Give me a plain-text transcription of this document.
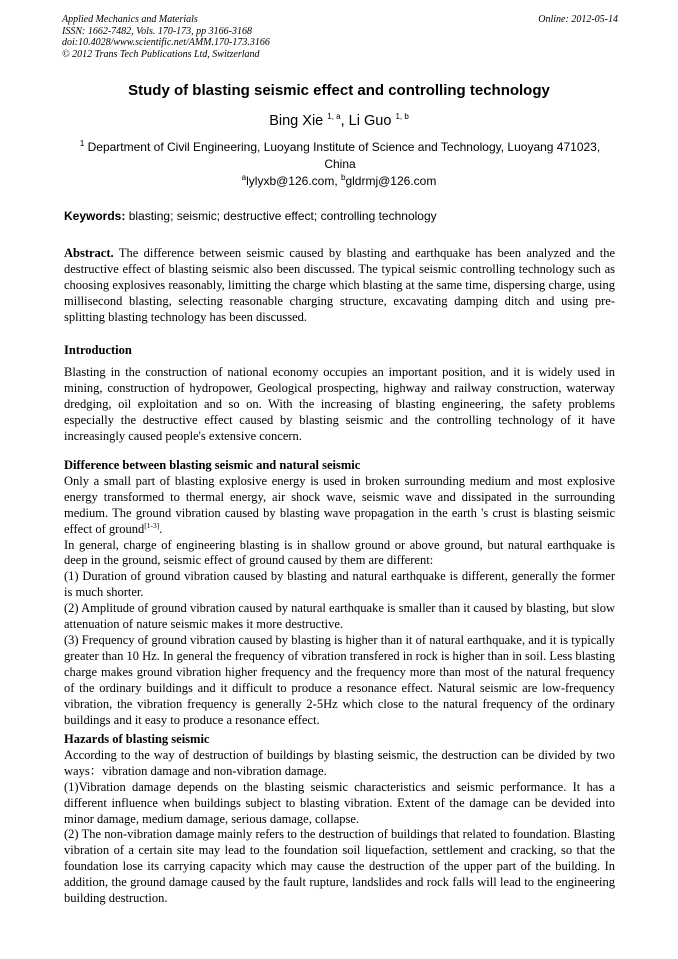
Applied Mechanics and Materials
ISSN: 1662-7482, Vols. 170-173, pp 3166-3168
doi:10.4028/www.scientific.net/AMM.170-173.3166
© 2012 Trans Tech Publications Ltd, Switzerland
Online: 2012-05-14
Study of blasting seismic effect and controlling technology
Bing Xie $^{1, a}$, Li Guo $^{1, b}$
$^1$ Department of Civil Engineering, Luoyang Institute of Science and Technology, Luoyang 471023, China
$^a$lylyxb@126.com, $^b$gldrmj@126.com
Keywords: blasting; seismic; destructive effect; controlling technology

Abstract. The difference between seismic caused by blasting and earthquake has been analyzed and the destructive effect of blasting seismic also been discussed. The typical seismic controlling technology such as choosing explosives reasonably, limitting the charge which blasting at the same time, dispersing charge, using millisecond blasting, selecting reasonable charging structure, excavating damping ditch and using pre-splitting blasting technology has been discussed.

Introduction

Blasting in the construction of national economy occupies an important position, and it is widely used in mining, construction of hydropower, Geological prospecting, highway and railway construction, waterway dredging, oil exploitation and so on. With the increasing of blasting engineering, the safety problems especially the destructive effect caused by blasting seismic and the controlling technology of it have increasingly caused people's extensive concern.

Difference between blasting seismic and natural seismic

Only a small part of blasting explosive energy is used in broken surrounding medium and most explosive energy transformed to thermal energy, air shock wave, seismic wave and dissipated in the surrounding medium. The ground vibration caused by blasting wave propagation in the earth 's crust is blasting seismic effect of ground[1-3].

In general, charge of engineering blasting is in shallow ground or above ground, but natural earthquake is deep in the ground, seismic effect of ground caused by them are different:

(1) Duration of ground vibration caused by blasting and natural earthquake is different, generally the former is much shorter.

(2) Amplitude of ground vibration caused by natural earthquake is smaller than it caused by blasting, but slow attenuation of nature seismic makes it more destructive.

(3) Frequency of ground vibration caused by blasting is higher than it of natural earthquake, and it is typically greater than 10 Hz. In general the frequency of vibration transfered in rock is higher than in soil. Less blasting charge makes ground vibration higher frequency and the frequency more than most of the natural frequency of the ordinary buildings and it difficult to produce a resonance effect. Natural seismic are low-frequency vibration, the vibration frequency is generally 2-5Hz which close to the natural frequency of the ordinary buildings and it easy to produce a resonance effect.

Hazards of blasting seismic

According to the way of destruction of buildings by blasting seismic, the destruction can be divided by two ways：vibration damage and non-vibration damage.

(1)Vibration damage depends on the blasting seismic characteristics and seismic performance. It has a different influence when buildings subject to blasting vibration. Extent of the damage can be devided into minor damage, medium damage, serious damage, collapse.

(2) The non-vibration damage mainly refers to the destruction of buildings that related to foundation. Blasting vibration of a certain site may lead to the foundation soil liquefaction, settlement and cracking, so that the foundation lose its carrying capacity which may cause the destruction of the upper part of the building. In addition, the ground damage caused by the fault rupture, landslides and rock falls will lead to the engineering building destruction.
